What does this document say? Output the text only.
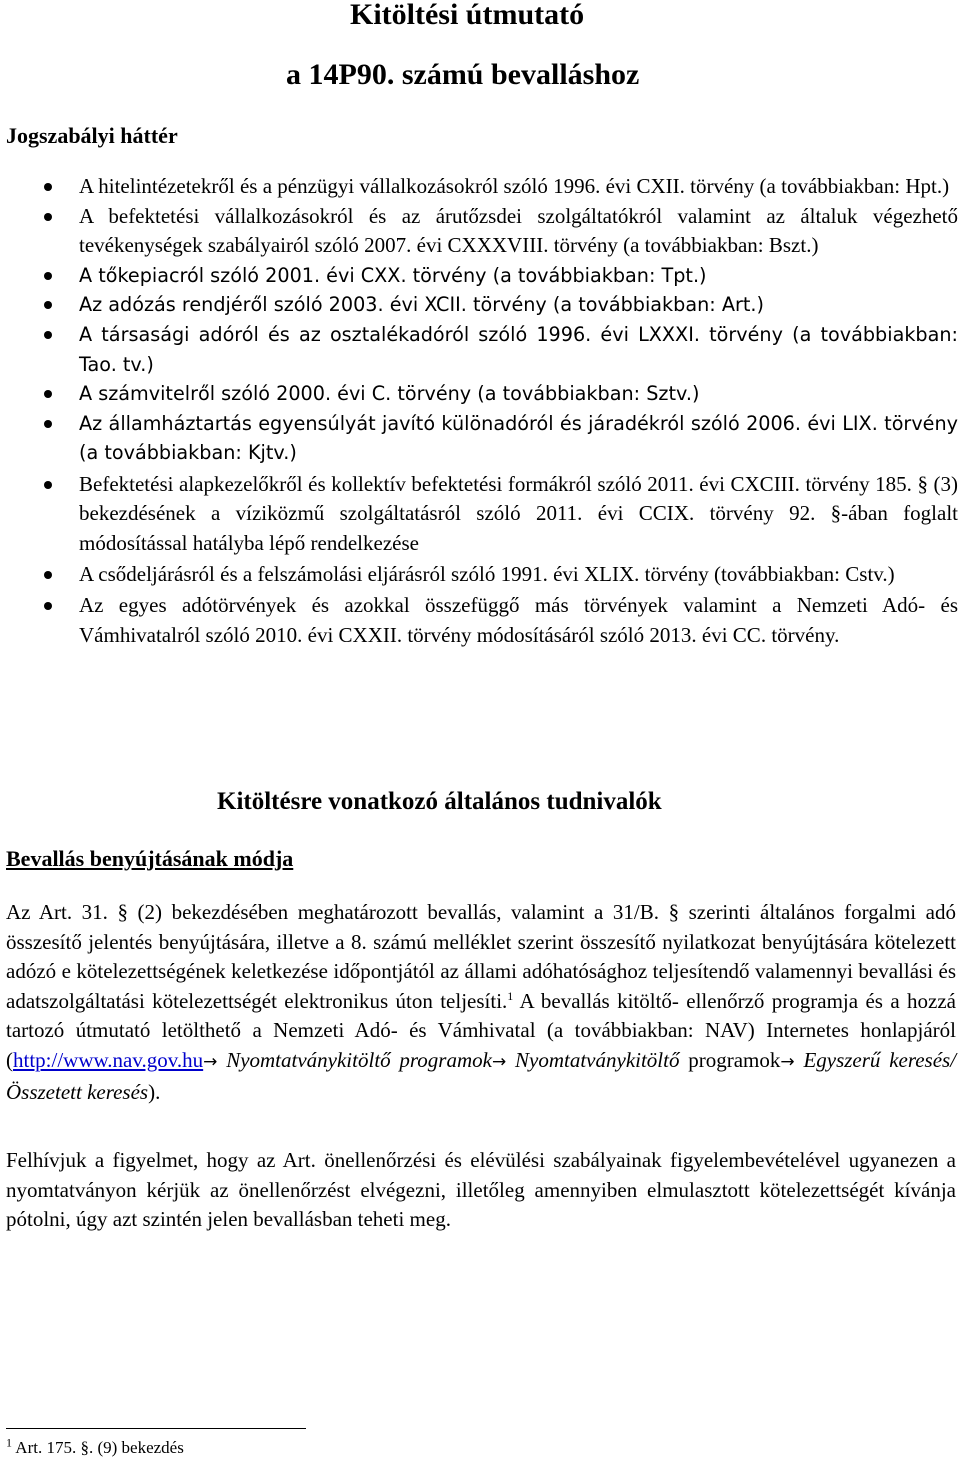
Kitöltési útmutató
a 14P90. számú bevalláshoz
Jogszabályi háttér
A hitelintézetekről és a pénzügyi vállalkozásokról szóló 1996. évi CXII. törvény (a továbbiakban: Hpt.)
A befektetési vállalkozásokról és az árutőzsdei szolgáltatókról valamint az általuk végezhető tevékenységek szabályairól szóló 2007. évi CXXXVIII. törvény (a továbbiakban: Bszt.)
A tőkepiacról szóló 2001. évi CXX. törvény (a továbbiakban: Tpt.)
Az adózás rendjéről szóló 2003. évi XCII. törvény (a továbbiakban: Art.)
A társasági adóról és az osztalékadóról szóló 1996. évi LXXXI. törvény (a továbbiakban: Tao. tv.)
A számvitelről szóló 2000. évi C. törvény (a továbbiakban: Sztv.)
Az államháztartás egyensúlyát javító különadóról és járadékról szóló 2006. évi LIX. törvény (a továbbiakban: Kjtv.)
Befektetési alapkezelőkről és kollektív befektetési formákról szóló 2011. évi CXCIII. törvény 185. § (3) bekezdésének a víziközmű szolgáltatásról szóló 2011. évi CCIX. törvény 92. §-ában foglalt módosítással hatályba lépő rendelkezése
A csődeljárásról és a felszámolási eljárásról szóló 1991. évi XLIX. törvény (továbbiakban: Cstv.)
Az egyes adótörvények és azokkal összefüggő más törvények valamint a Nemzeti Adó- és Vámhivatalról szóló 2010. évi CXXII. törvény módosításáról szóló 2013. évi CC. törvény.
Kitöltésre vonatkozó általános tudnivalók
Bevallás benyújtásának módja

Az Art. 31. § (2) bekezdésében meghatározott bevallás, valamint a 31/B. § szerinti általános forgalmi adó összesítő jelentés benyújtására, illetve a 8. számú melléklet szerint összesítő nyilatkozat benyújtására kötelezett adózó e kötelezettségének keletkezése időpontjától az állami adóhatósághoz teljesítendő valamennyi bevallási és adatszolgáltatási kötelezettségét elektronikus úton teljesíti.$^1$ A bevallás kitöltő- ellenőrző programja és a hozzá tartozó útmutató letölthető a Nemzeti Adó- és Vámhivatal (a továbbiakban: NAV) Internetes honlapjáról (http://www.nav.gov.hu→ Nyomtatványkitöltő programok→ Nyomtatványkitöltő programok→ Egyszerű keresés/Összetett keresés).

Felhívjuk a figyelmet, hogy az Art. önellenőrzési és elévülési szabályainak figyelembevételével ugyanezen a nyomtatványon kérjük az önellenőrzést elvégezni, illetőleg amennyiben elmulasztott kötelezettségét kívánja pótolni, úgy azt szintén jelen bevallásban teheti meg.

$^1$ Art. 175. §. (9) bekezdés
